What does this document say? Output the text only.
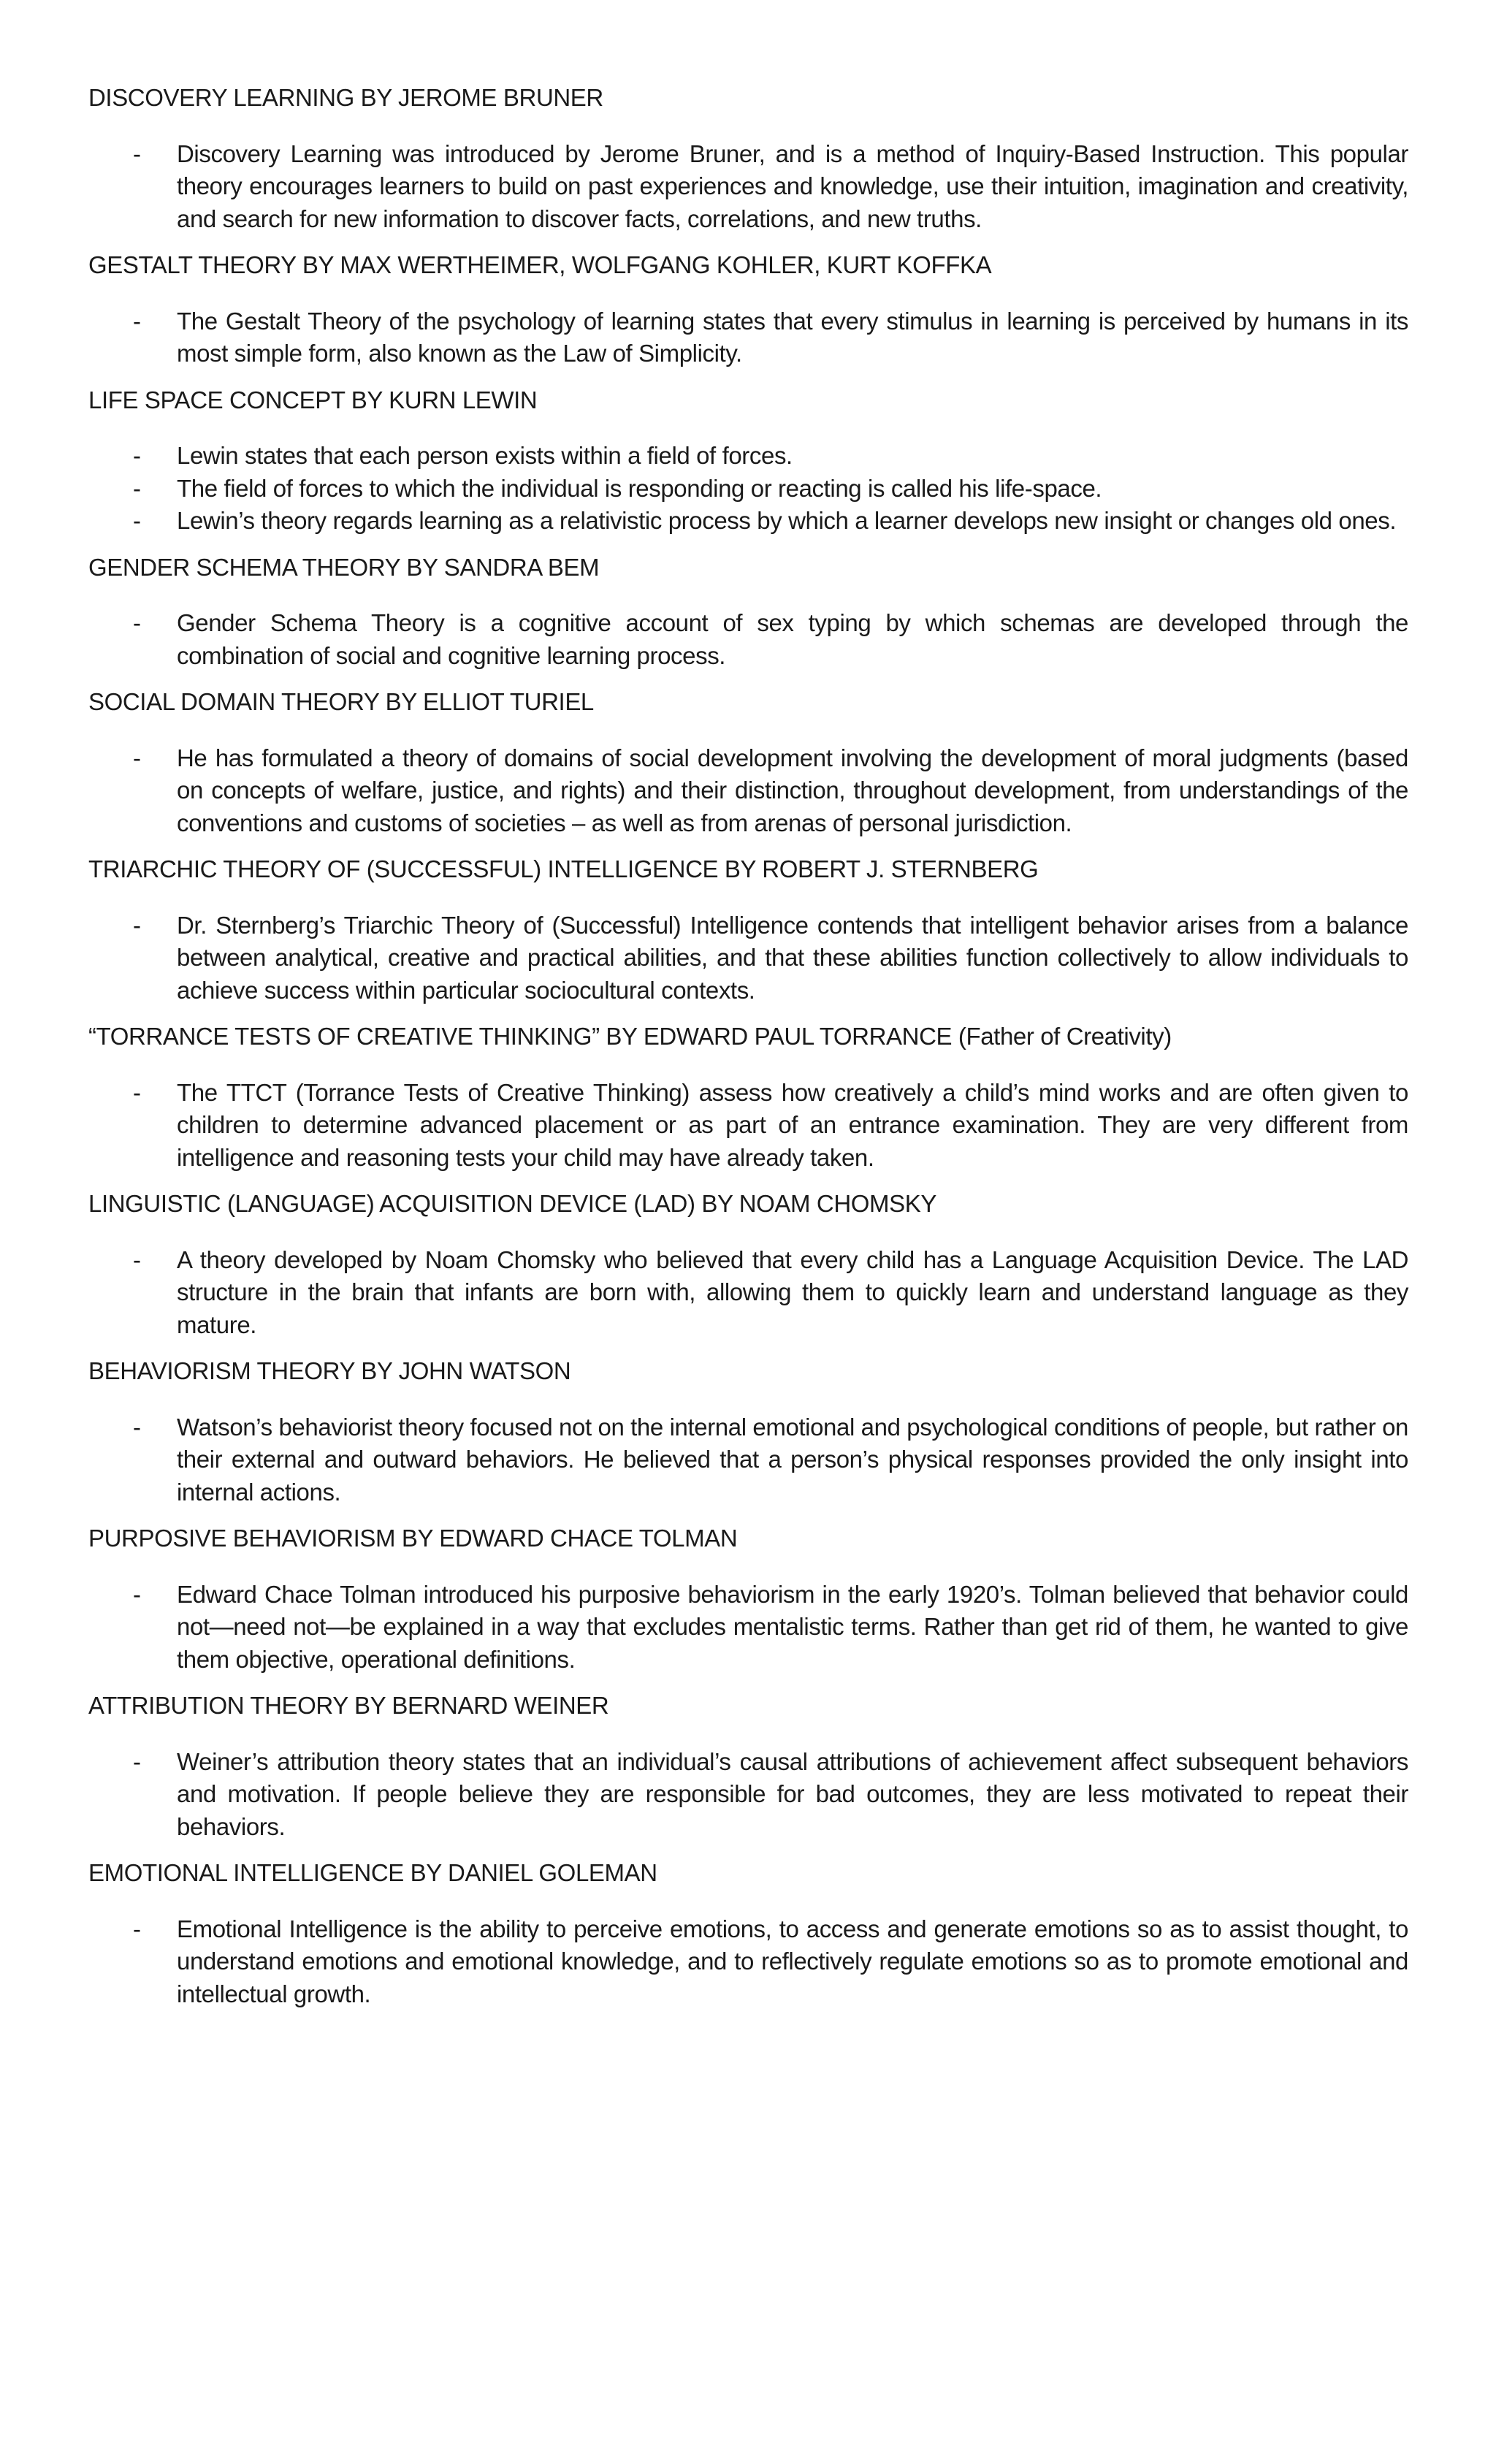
DISCOVERY LEARNING BY JEROME BRUNER
- Discovery Learning was introduced by Jerome Bruner, and is a method of Inquiry-Based Instruction. This popular theory encourages learners to build on past experiences and knowledge, use their intuition, imagination and creativity, and search for new information to discover facts, correlations, and new truths.
GESTALT THEORY BY MAX WERTHEIMER, WOLFGANG KOHLER, KURT KOFFKA
- The Gestalt Theory of the psychology of learning states that every stimulus in learning is perceived by humans in its most simple form, also known as the Law of Simplicity.
LIFE SPACE CONCEPT BY KURN LEWIN
- Lewin states that each person exists within a field of forces.
- The field of forces to which the individual is responding or reacting is called his life-space.
- Lewin’s theory regards learning as a relativistic process by which a learner develops new insight or changes old ones.
GENDER SCHEMA THEORY BY SANDRA BEM
- Gender Schema Theory is a cognitive account of sex typing by which schemas are developed through the combination of social and cognitive learning process.
SOCIAL DOMAIN THEORY BY ELLIOT TURIEL
- He has formulated a theory of domains of social development involving the development of moral judgments (based on concepts of welfare, justice, and rights) and their distinction, throughout development, from understandings of the conventions and customs of societies – as well as from arenas of personal jurisdiction.
TRIARCHIC THEORY OF (SUCCESSFUL) INTELLIGENCE BY ROBERT J. STERNBERG
- Dr. Sternberg’s Triarchic Theory of (Successful) Intelligence contends that intelligent behavior arises from a balance between analytical, creative and practical abilities, and that these abilities function collectively to allow individuals to achieve success within particular sociocultural contexts.
“TORRANCE TESTS OF CREATIVE THINKING” BY EDWARD PAUL TORRANCE (Father of Creativity)
- The TTCT (Torrance Tests of Creative Thinking) assess how creatively a child’s mind works and are often given to children to determine advanced placement or as part of an entrance examination. They are very different from intelligence and reasoning tests your child may have already taken.
LINGUISTIC (LANGUAGE) ACQUISITION DEVICE (LAD) BY NOAM CHOMSKY
- A theory developed by Noam Chomsky who believed that every child has a Language Acquisition Device. The LAD structure in the brain that infants are born with, allowing them to quickly learn and understand language as they mature.
BEHAVIORISM THEORY BY JOHN WATSON
- Watson’s behaviorist theory focused not on the internal emotional and psychological conditions of people, but rather on their external and outward behaviors. He believed that a person’s physical responses provided the only insight into internal actions.
PURPOSIVE BEHAVIORISM BY EDWARD CHACE TOLMAN
- Edward Chace Tolman introduced his purposive behaviorism in the early 1920’s. Tolman believed that behavior could not—need not—be explained in a way that excludes mentalistic terms. Rather than get rid of them, he wanted to give them objective, operational definitions.
ATTRIBUTION THEORY BY BERNARD WEINER
- Weiner’s attribution theory states that an individual’s causal attributions of achievement affect subsequent behaviors and motivation. If people believe they are responsible for bad outcomes, they are less motivated to repeat their behaviors.
EMOTIONAL INTELLIGENCE BY DANIEL GOLEMAN
- Emotional Intelligence is the ability to perceive emotions, to access and generate emotions so as to assist thought, to understand emotions and emotional knowledge, and to reflectively regulate emotions so as to promote emotional and intellectual growth.
